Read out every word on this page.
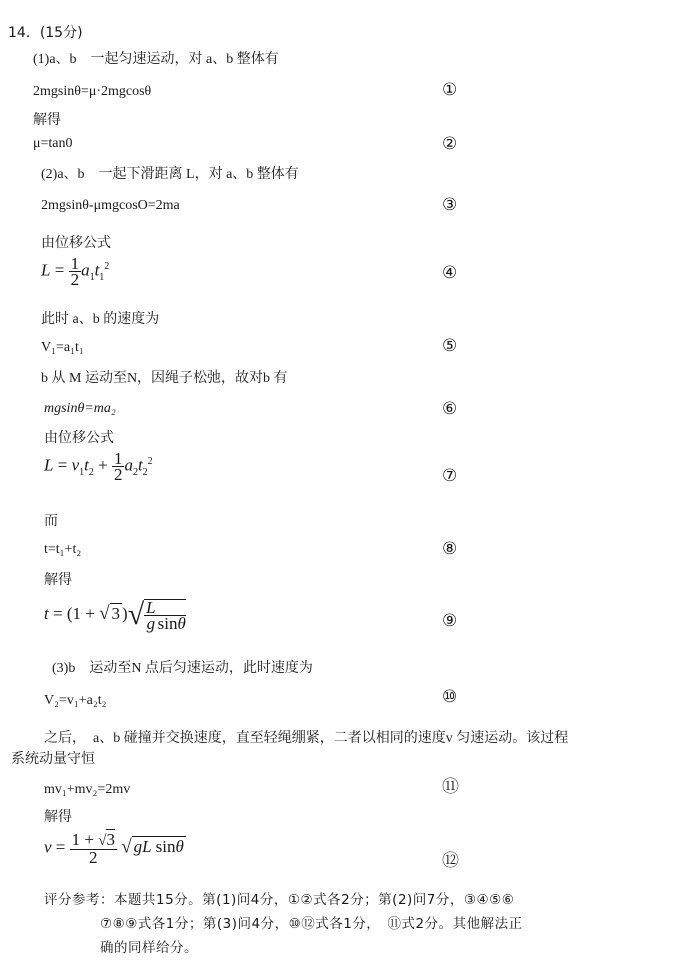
14．(15分)
(1)a、b　一起匀速运动，对 a、b 整体有
2mgsinθ=μ·2mgcosθ
解得
μ=tan0
(2)a、b　一起下滑距离 L，对 a、b 整体有
2mgsinθ-μmgcosO=2ma
由位移公式
$L = \frac{1}{2} a_1t_1^2$
此时 a、b 的速度为
V₁=a₁t₁
b 从 M 运动至N，因绳子松弛，故对b 有
mgsinθ=ma₂
由位移公式
$L = v_1t_2 + \frac{1}{2} a_2t_2^2$
而
t=t₁+t₂
解得
t = (1 + √ 3 )√ $\frac{L}{g}$
sinθ
(3)b　运动至N 点后匀速运动，此时速度为
V₂=v₁+a₂t₂
之后，　a、b 碰撞并交换速度，直至轻绳绷紧，二者以相同的速度v 匀速运动。该过程
系统动量守恒
mv₁+mv₂=2mv
解得
$v = \frac{1 + √3}{2}$ √ gL sinθ
①
②
③
④
⑤
⑥
⑦
⑧
⑨
⑩
⑪
⑫
评分参考：本题共15分。第(1)问4分，①②式各2分；第(2)问7分，③④⑤⑥
⑦⑧⑨式各1分；第(3)问4分，⑩⑫式各1分，　⑪式2分。其他解法正
确的同样给分。
